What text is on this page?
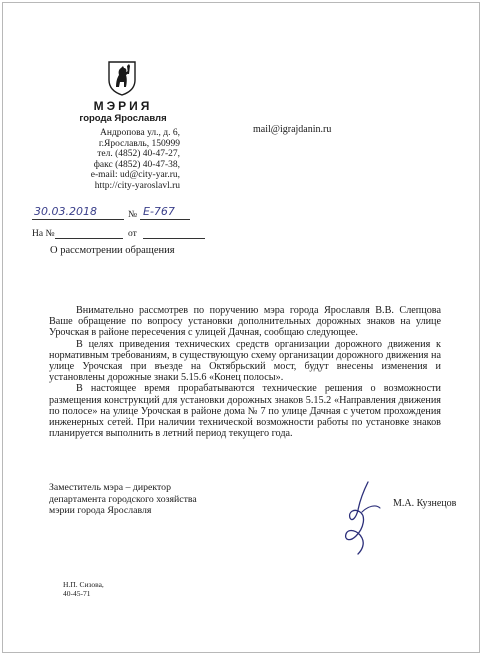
МЭРИЯ
города Ярославля
Андропова ул., д. 6,
г.Ярославль, 150999
тел. (4852) 40-47-27,
факс (4852) 40-47-38,
e-mail: ud@city-yar.ru,
http://city-yaroslavl.ru
mail@igrajdanin.ru
30.03.2018	№ Е-767
На №	от
О рассмотрении обращения

Внимательно рассмотрев по поручению мэра города Ярославля В.В. Слепцова Ваше обращение по вопросу установки дополнительных дорожных знаков на улице Урочская в районе пересечения с улицей Дачная, сообщаю следующее.

В целях приведения технических средств организации дорожного движения к нормативным требованиям, в существующую схему организации дорожного движения на улице Урочская при въезде на Октябрьский мост, будут внесены изменения и установлены дорожные знаки 5.15.6 «Конец полосы».

В настоящее время прорабатываются технические решения о возможности размещения конструкций для установки дорожных знаков 5.15.2 «Направления движения по полосе» на улице Урочская в районе дома № 7 по улице Дачная с учетом прохождения инженерных сетей. При наличии технической возможности работы по установке знаков планируется выполнить в летний период текущего года.

Заместитель мэра – директор
департамента городского хозяйства
мэрии города Ярославля
М.А. Кузнецов
Н.П. Сизова,
40-45-71
